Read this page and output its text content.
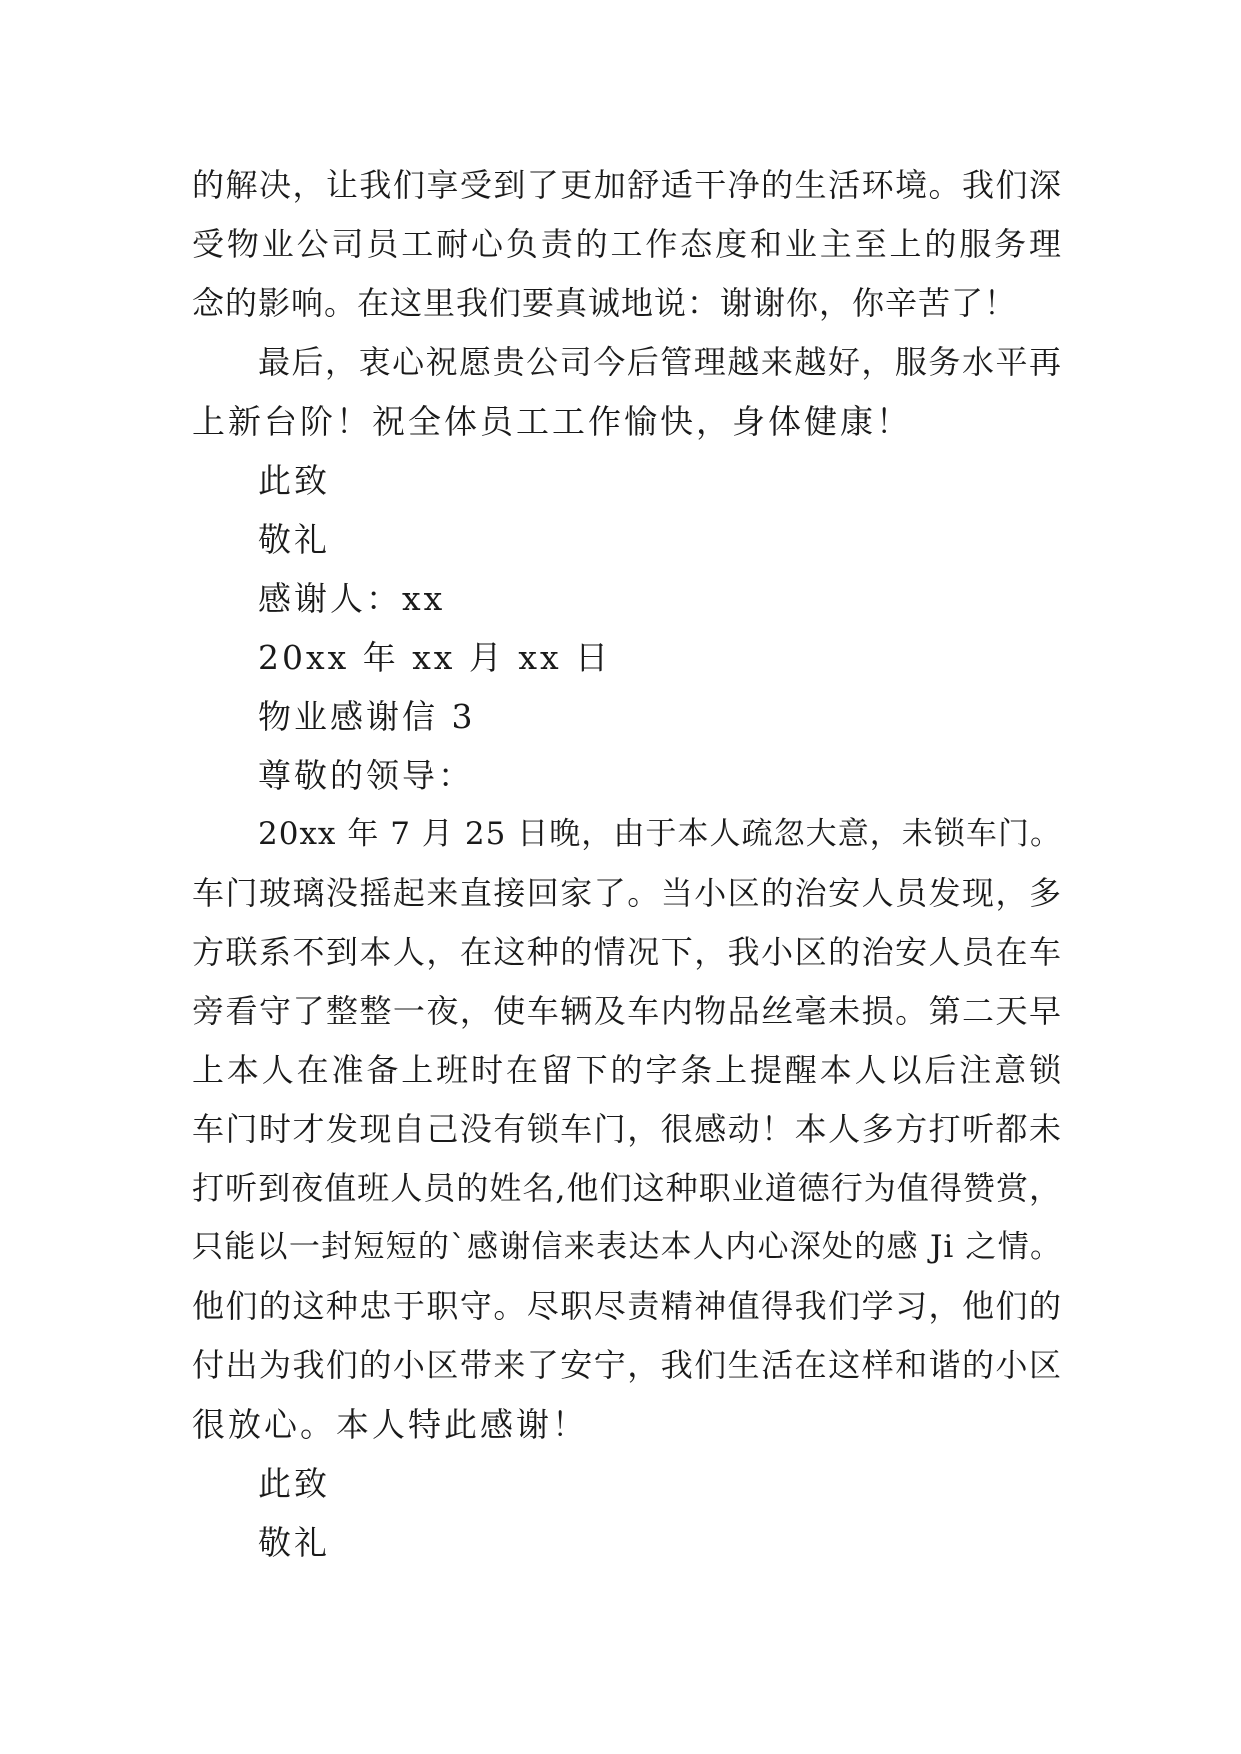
的解决，让我们享受到了更加舒适干净的生活环境。我们深
受物业公司员工耐心负责的工作态度和业主至上的服务理
念的影响。在这里我们要真诚地说：谢谢你，你辛苦了！
最后，衷心祝愿贵公司今后管理越来越好，服务水平再
上新台阶！祝全体员工工作愉快，身体健康！
此致
敬礼
感谢人：xx
20xx 年 xx 月 xx 日
物业感谢信 3
尊敬的领导：
20xx 年 7 月 25 日晚，由于本人疏忽大意，未锁车门。
车门玻璃没摇起来直接回家了。当小区的治安人员发现，多
方联系不到本人，在这种的情况下，我小区的治安人员在车
旁看守了整整一夜，使车辆及车内物品丝毫未损。第二天早
上本人在准备上班时在留下的字条上提醒本人以后注意锁
车门时才发现自己没有锁车门，很感动！本人多方打听都未
打听到夜值班人员的姓名,他们这种职业道德行为值得赞赏，
只能以一封短短的`感谢信来表达本人内心深处的感 Ji 之情。
他们的这种忠于职守。尽职尽责精神值得我们学习，他们的
付出为我们的小区带来了安宁，我们生活在这样和谐的小区
很放心。本人特此感谢！
此致
敬礼
